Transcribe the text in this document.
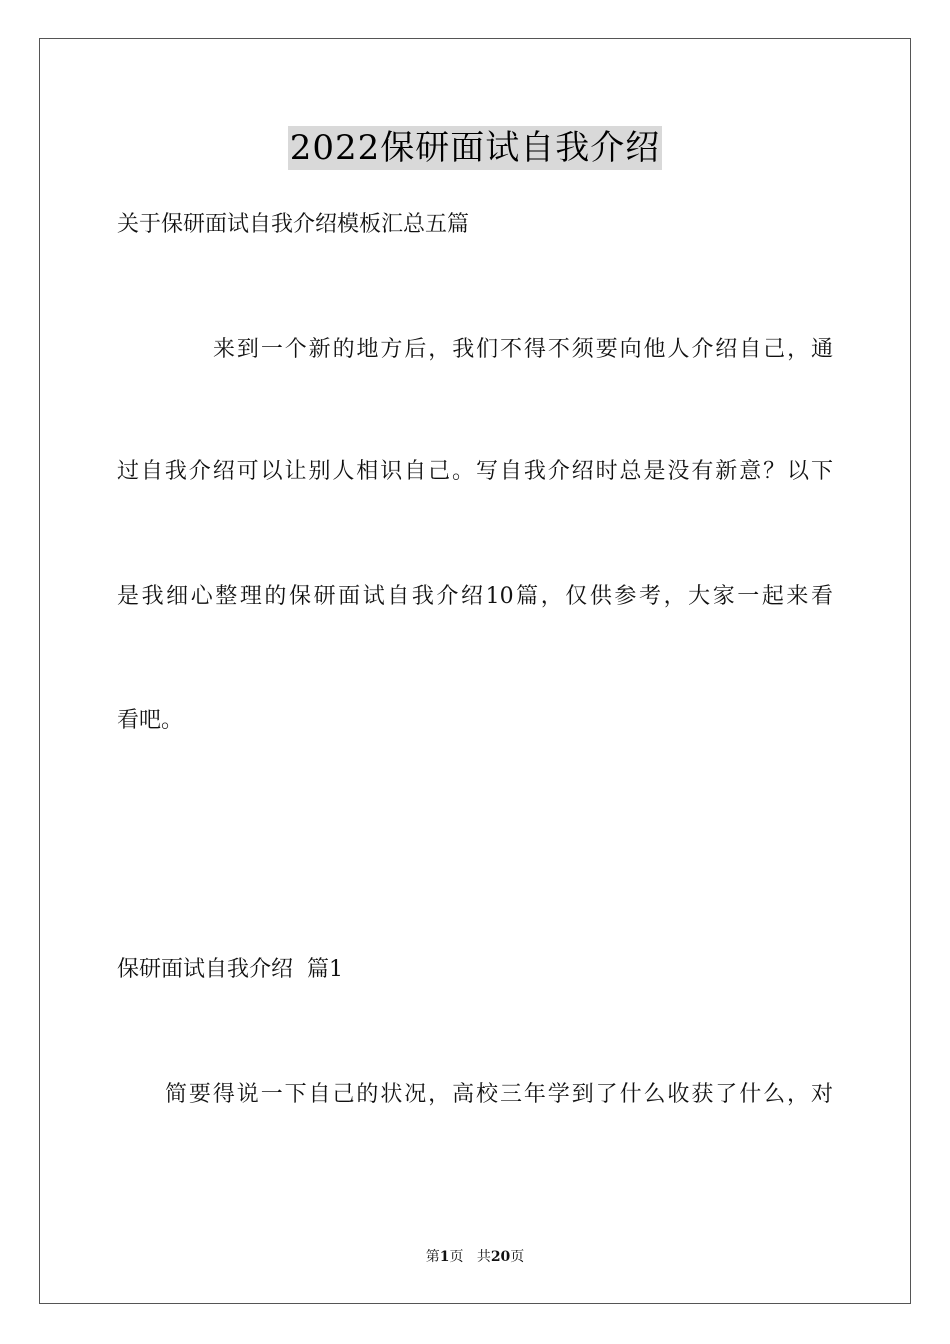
2022保研面试自我介绍
关于保研面试自我介绍模板汇总五篇
来到一个新的地方后，我们不得不须要向他人介绍自己，通
过自我介绍可以让别人相识自己。写自我介绍时总是没有新意？以下
是我细心整理的保研面试自我介绍10篇，仅供参考，大家一起来看
看吧。
保研面试自我介绍  篇1
简要得说一下自己的状况，高校三年学到了什么收获了什么，对
第1页 共20页
